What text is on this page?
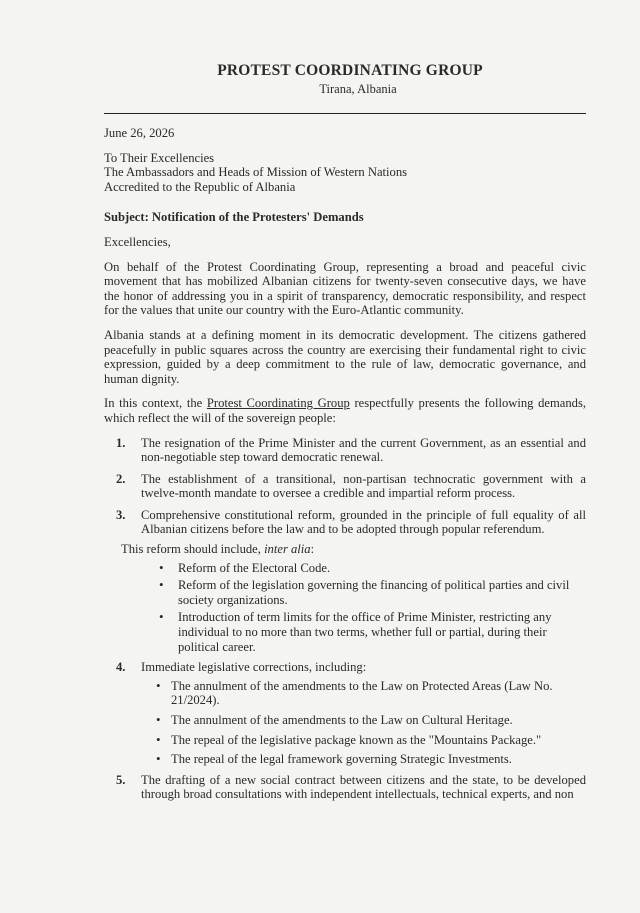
PROTEST COORDINATING GROUP
Tirana, Albania

June 26, 2026

To Their Excellencies
The Ambassadors and Heads of Mission of Western Nations
Accredited to the Republic of Albania

Subject: Notification of the Protesters' Demands

Excellencies,

On behalf of the Protest Coordinating Group, representing a broad and peaceful civic movement that has mobilized Albanian citizens for twenty-seven consecutive days, we have the honor of addressing you in a spirit of transparency, democratic responsibility, and respect for the values that unite our country with the Euro-Atlantic community.

Albania stands at a defining moment in its democratic development. The citizens gathered peacefully in public squares across the country are exercising their fundamental right to civic expression, guided by a deep commitment to the rule of law, democratic governance, and human dignity.

In this context, the Protest Coordinating Group respectfully presents the following demands, which reflect the will of the sovereign people:

1. The resignation of the Prime Minister and the current Government, as an essential and non-negotiable step toward democratic renewal.
2. The establishment of a transitional, non-partisan technocratic government with a twelve-month mandate to oversee a credible and impartial reform process.
3. Comprehensive constitutional reform, grounded in the principle of full equality of all Albanian citizens before the law and to be adopted through popular referendum.

This reform should include, inter alia:

• Reform of the Electoral Code.
• Reform of the legislation governing the financing of political parties and civil society organizations.
• Introduction of term limits for the office of Prime Minister, restricting any individual to no more than two terms, whether full or partial, during their political career.
4. Immediate legislative corrections, including:
• The annulment of the amendments to the Law on Protected Areas (Law No. 21/2024).
• The annulment of the amendments to the Law on Cultural Heritage.
• The repeal of the legislative package known as the "Mountains Package."
• The repeal of the legal framework governing Strategic Investments.
5. The drafting of a new social contract between citizens and the state, to be developed through broad consultations with independent intellectuals, technical experts, and non
